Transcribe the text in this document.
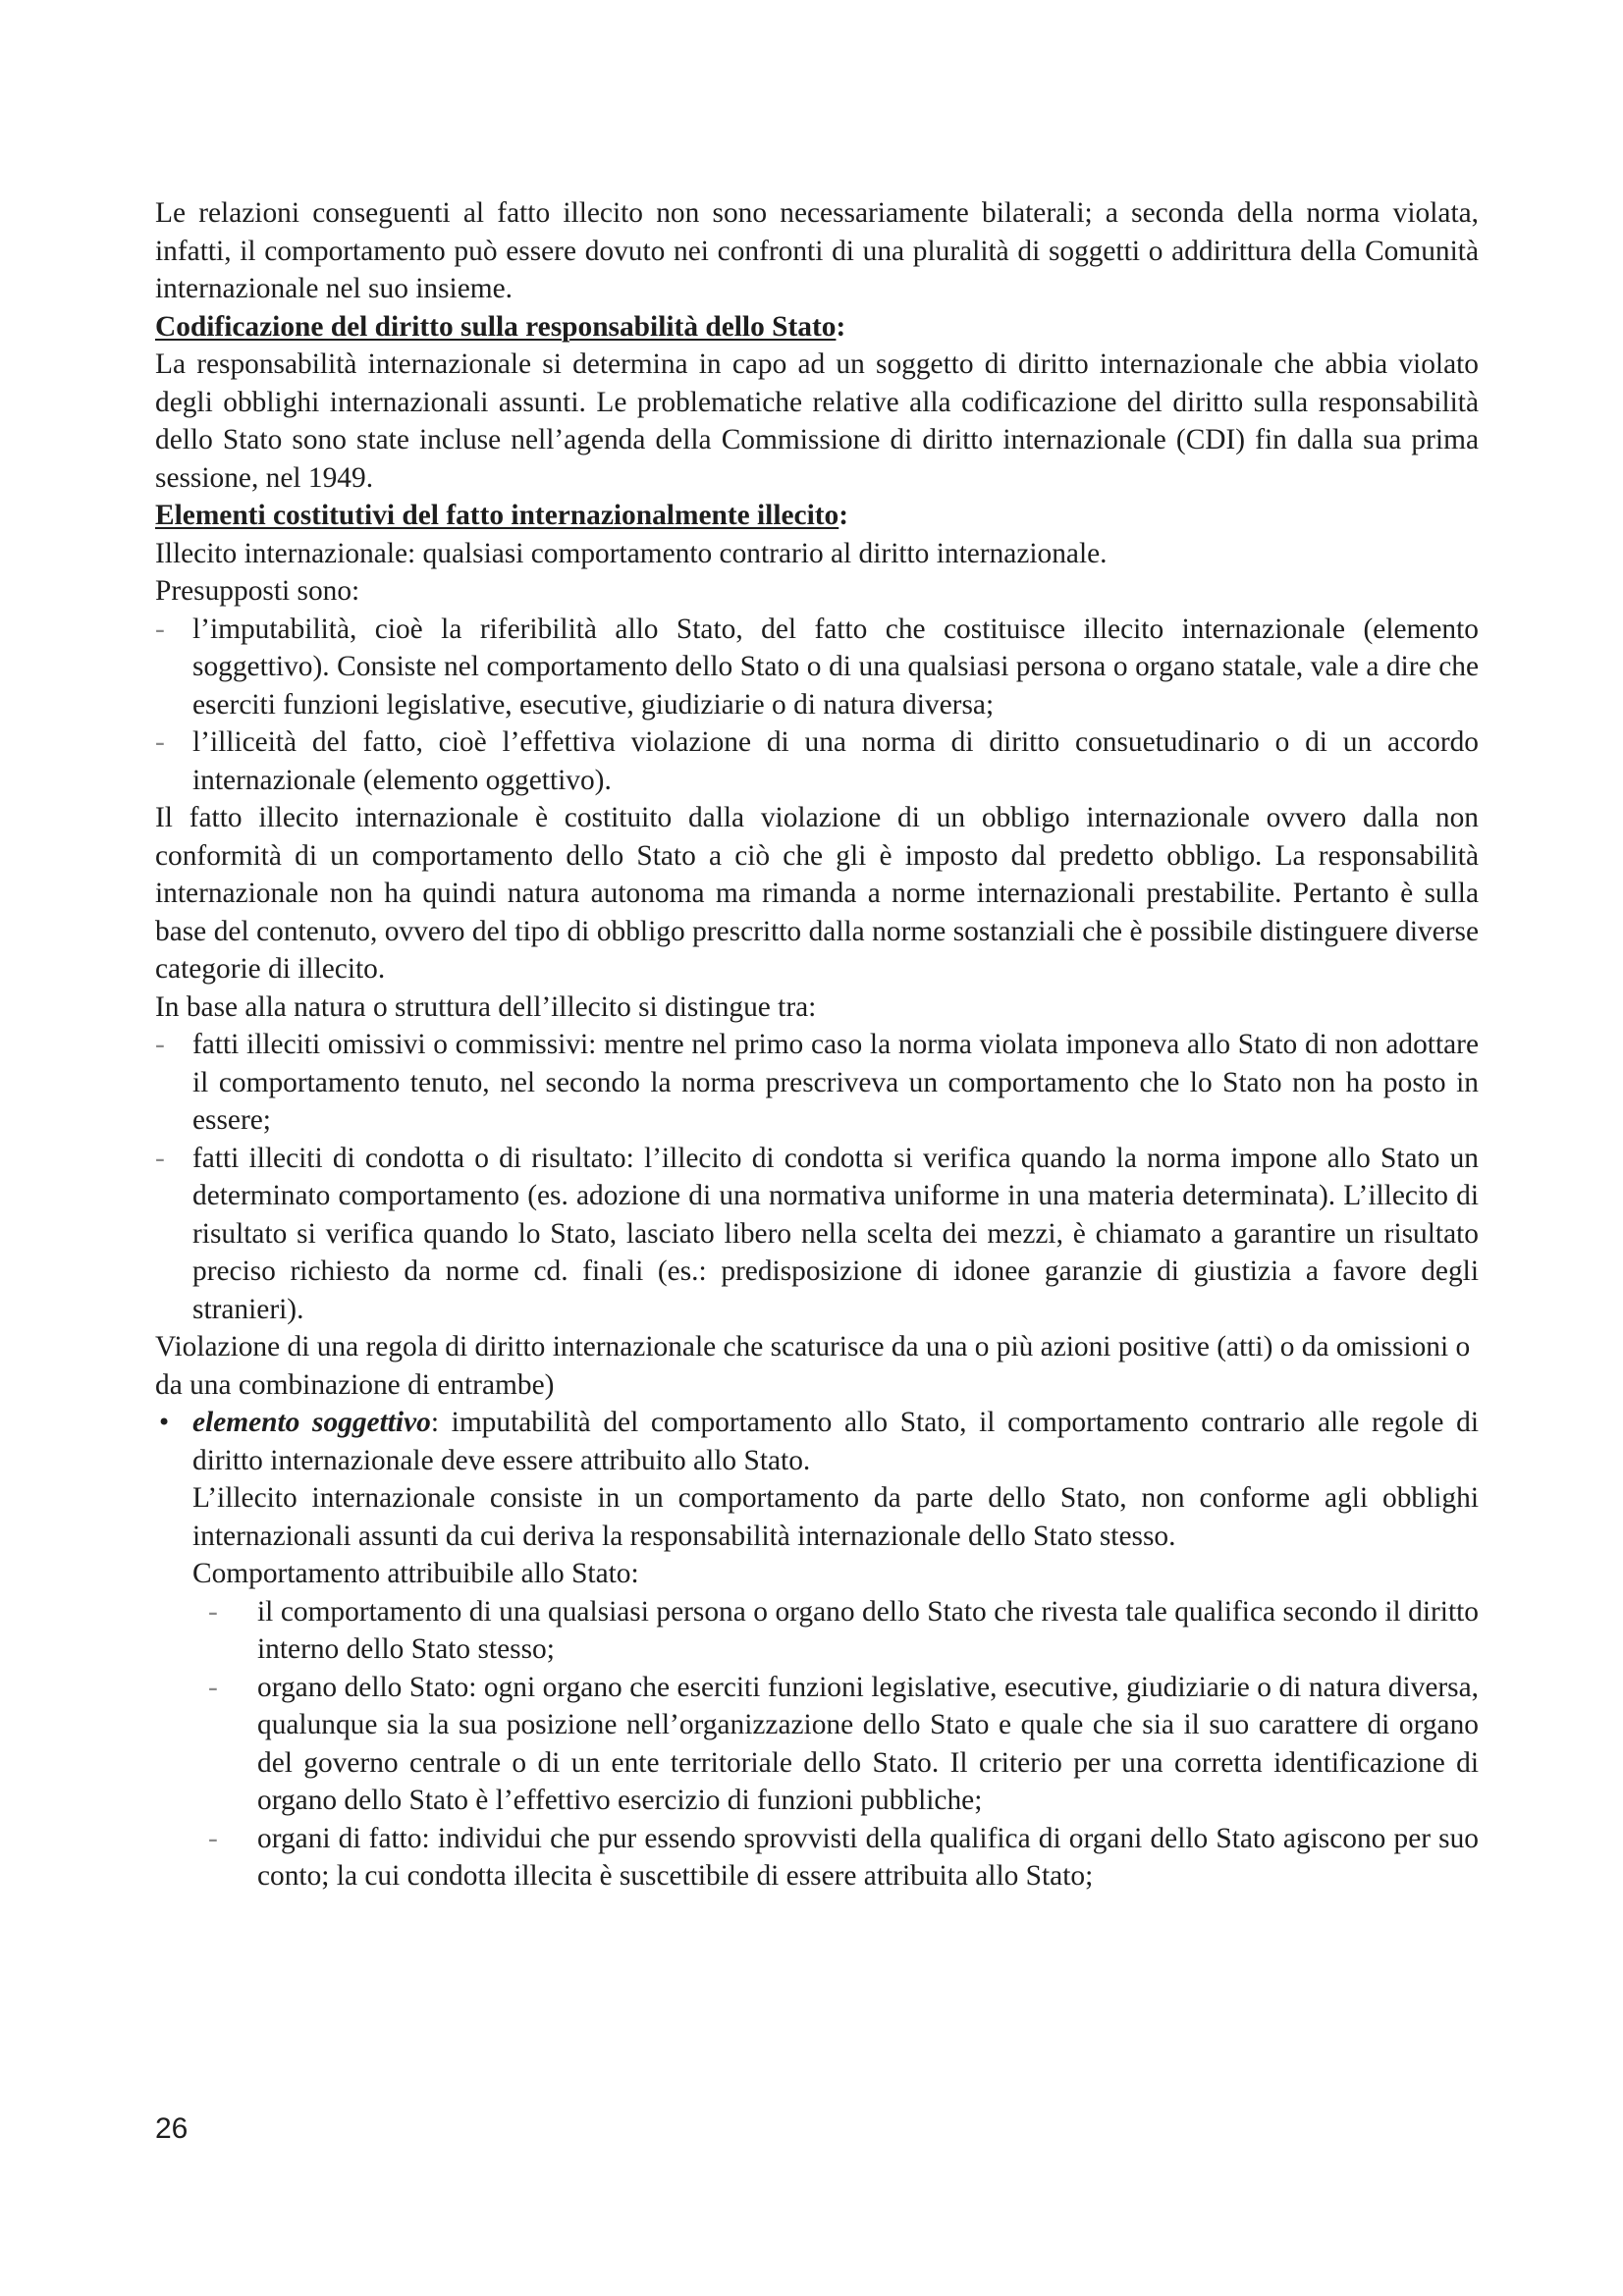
Le relazioni conseguenti al fatto illecito non sono necessariamente bilaterali; a seconda della norma violata, infatti, il comportamento può essere dovuto nei confronti di una pluralità di soggetti o addirittura della Comunità internazionale nel suo insieme.

Codificazione del diritto sulla responsabilità dello Stato:

La responsabilità internazionale si determina in capo ad un soggetto di diritto internazionale che abbia violato degli obblighi internazionali assunti. Le problematiche relative alla codificazione del diritto sulla responsabilità dello Stato sono state incluse nell’agenda della Commissione di diritto internazionale (CDI) fin dalla sua prima sessione, nel 1949.

Elementi costitutivi del fatto internazionalmente illecito:

Illecito internazionale: qualsiasi comportamento contrario al diritto internazionale.

Presupposti sono:

- l’imputabilità, cioè la riferibilità allo Stato, del fatto che costituisce illecito internazionale (elemento soggettivo). Consiste nel comportamento dello Stato o di una qualsiasi persona o organo statale, vale a dire che eserciti funzioni legislative, esecutive, giudiziarie o di natura diversa;
- l’illiceità del fatto, cioè l’effettiva violazione di una norma di diritto consuetudinario o di un accordo internazionale (elemento oggettivo).

Il fatto illecito internazionale è costituito dalla violazione di un obbligo internazionale ovvero dalla non conformità di un comportamento dello Stato a ciò che gli è imposto dal predetto obbligo. La responsabilità internazionale non ha quindi natura autonoma ma rimanda a norme internazionali prestabilite. Pertanto è sulla base del contenuto, ovvero del tipo di obbligo prescritto dalla norme sostanziali che è possibile distinguere diverse categorie di illecito.

In base alla natura o struttura dell’illecito si distingue tra:

- fatti illeciti omissivi o commissivi: mentre nel primo caso la norma violata imponeva allo Stato di non adottare il comportamento tenuto, nel secondo la norma prescriveva un comportamento che lo Stato non ha posto in essere;
- fatti illeciti di condotta o di risultato: l’illecito di condotta si verifica quando la norma impone allo Stato un determinato comportamento (es. adozione di una normativa uniforme in una materia determinata). L’illecito di risultato si verifica quando lo Stato, lasciato libero nella scelta dei mezzi, è chiamato a garantire un risultato preciso richiesto da norme cd. finali (es.: predisposizione di idonee garanzie di giustizia a favore degli stranieri).

Violazione di una regola di diritto internazionale che scaturisce da una o più azioni positive (atti) o da omissioni o da una combinazione di entrambe)

• elemento soggettivo: imputabilità del comportamento allo Stato, il comportamento contrario alle regole di diritto internazionale deve essere attribuito allo Stato.

L’illecito internazionale consiste in un comportamento da parte dello Stato, non conforme agli obblighi internazionali assunti da cui deriva la responsabilità internazionale dello Stato stesso.

Comportamento attribuibile allo Stato:

- il comportamento di una qualsiasi persona o organo dello Stato che rivesta tale qualifica secondo il diritto interno dello Stato stesso;
- organo dello Stato: ogni organo che eserciti funzioni legislative, esecutive, giudiziarie o di natura diversa, qualunque sia la sua posizione nell’organizzazione dello Stato e quale che sia il suo carattere di organo del governo centrale o di un ente territoriale dello Stato. Il criterio per una corretta identificazione di organo dello Stato è l’effettivo esercizio di funzioni pubbliche;
- organi di fatto: individui che pur essendo sprovvisti della qualifica di organi dello Stato agiscono per suo conto; la cui condotta illecita è suscettibile di essere attribuita allo Stato;
26
